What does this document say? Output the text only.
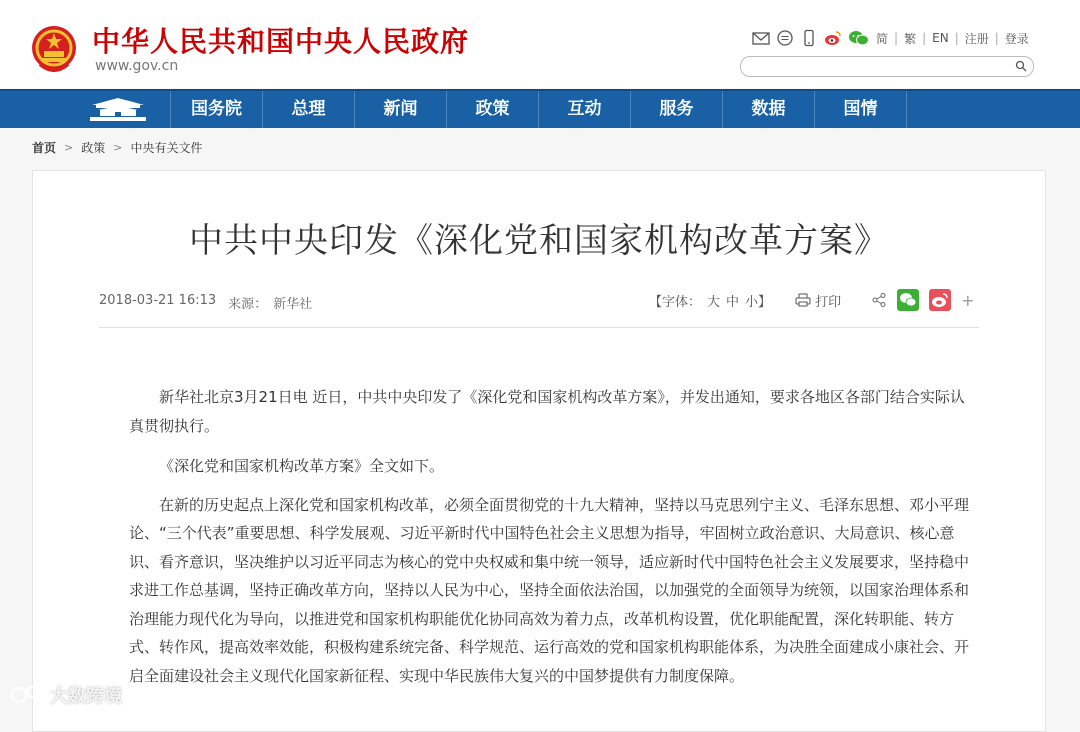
中华人民共和国中央人民政府
www.gov.cn
简 | 繁 | EN | 注册 | 登录
国务院	总理	新闻	政策	互动	服务	数据	国情
首页 > 政策 > 中央有关文件
中共中央印发《深化党和国家机构改革方案》
2018-03-21 16:13 来源： 新华社	【字体： 大 中 小】	打印	+

新华社北京3月21日电 近日，中共中央印发了《深化党和国家机构改革方案》，并发出通知，要求各地区各部门结合实际认真贯彻执行。

《深化党和国家机构改革方案》全文如下。

在新的历史起点上深化党和国家机构改革，必须全面贯彻党的十九大精神，坚持以马克思列宁主义、毛泽东思想、邓小平理论、“三个代表”重要思想、科学发展观、习近平新时代中国特色社会主义思想为指导，牢固树立政治意识、大局意识、核心意识、看齐意识，坚决维护以习近平同志为核心的党中央权威和集中统一领导，适应新时代中国特色社会主义发展要求，坚持稳中求进工作总基调，坚持正确改革方向，坚持以人民为中心，坚持全面依法治国，以加强党的全面领导为统领，以国家治理体系和治理能力现代化为导向，以推进党和国家机构职能优化协同高效为着力点，改革机构设置，优化职能配置，深化转职能、转方式、转作风，提高效率效能，积极构建系统完备、科学规范、运行高效的党和国家机构职能体系，为决胜全面建成小康社会、开启全面建设社会主义现代化国家新征程、实现中华民族伟大复兴的中国梦提供有力制度保障。

大数跨境
